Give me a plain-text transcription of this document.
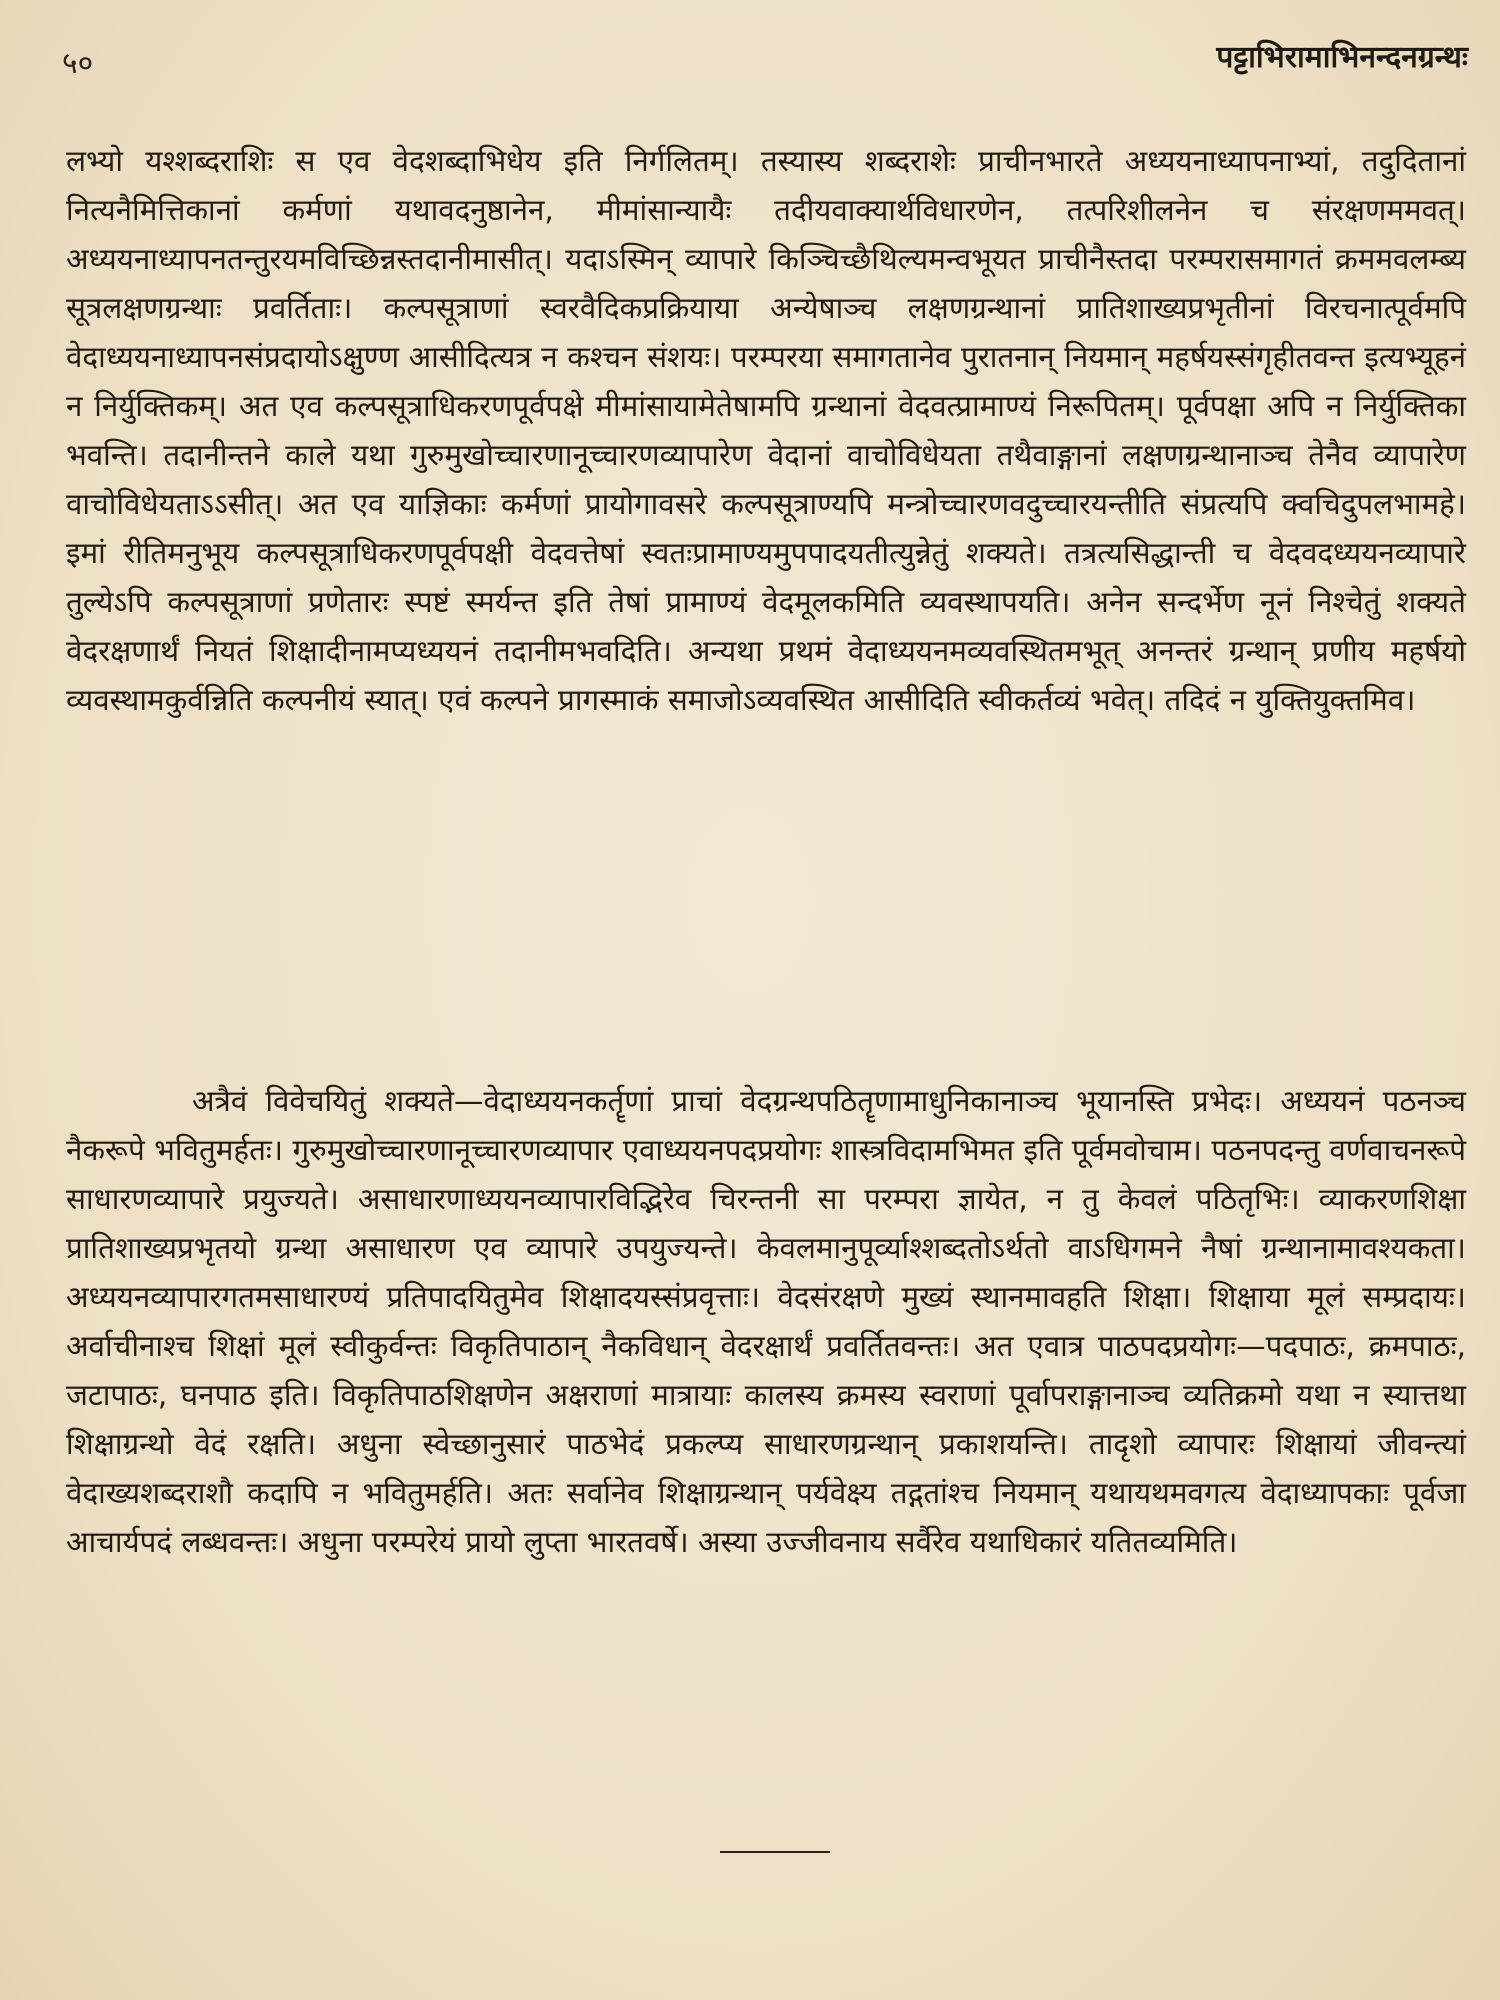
५०	पट्टाभिरामाभिनन्दनग्रन्थः

लभ्यो यश्शब्दराशिः स एव वेदशब्दाभिधेय इति निर्गलितम्। तस्यास्य शब्दराशेः प्राचीनभारते अध्ययनाध्यापनाभ्यां, तदुदितानां नित्यनैमित्तिकानां कर्मणां यथावदनुष्ठानेन, मीमांसान्यायैः तदीयवाक्यार्थविधारणेन, तत्परिशीलनेन च संरक्षणममवत्। अध्ययनाध्यापनतन्तुरयमविच्छिन्नस्तदानीमासीत्। यदाऽस्मिन् व्यापारे किञ्चिच्छैथिल्यमन्वभूयत प्राचीनैस्तदा परम्परासमागतं क्रममवलम्ब्य सूत्रलक्षणग्रन्थाः प्रवर्तिताः। कल्पसूत्राणां स्वरवैदिकप्रक्रियाया अन्येषाञ्च लक्षणग्रन्थानां प्रातिशाख्यप्रभृतीनां विरचनात्पूर्वमपि वेदाध्ययनाध्यापनसंप्रदायोऽक्षुण्ण आसीदित्यत्र न कश्चन संशयः। परम्परया समागतानेव पुरातनान् नियमान् महर्षयस्संगृहीतवन्त इत्यभ्यूहनं न निर्युक्तिकम्। अत एव कल्पसूत्राधिकरणपूर्वपक्षे मीमांसायामेतेषामपि ग्रन्थानां वेदवत्प्रामाण्यं निरूपितम्। पूर्वपक्षा अपि न निर्युक्तिका भवन्ति। तदानीन्तने काले यथा गुरुमुखोच्चारणानूच्चारणव्यापारेण वेदानां वाचोविधेयता तथैवाङ्गानां लक्षणग्रन्थानाञ्च तेनैव व्यापारेण वाचोविधेयताऽऽसीत्। अत एव याज्ञिकाः कर्मणां प्रायोगावसरे कल्पसूत्राण्यपि मन्त्रोच्चारणवदुच्चारयन्तीति संप्रत्यपि क्वचिदुपलभामहे। इमां रीतिमनुभूय कल्पसूत्राधिकरणपूर्वपक्षी वेदवत्तेषां स्वतःप्रामाण्यमुपपादयतीत्युन्नेतुं शक्यते। तत्रत्यसिद्धान्ती च वेदवदध्ययनव्यापारे तुल्येऽपि कल्पसूत्राणां प्रणेतारः स्पष्टं स्मर्यन्त इति तेषां प्रामाण्यं वेदमूलकमिति व्यवस्थापयति। अनेन सन्दर्भेण नूनं निश्चेतुं शक्यते वेदरक्षणार्थं नियतं शिक्षादीनामप्यध्ययनं तदानीमभवदिति। अन्यथा प्रथमं वेदाध्ययनमव्यवस्थितमभूत् अनन्तरं ग्रन्थान् प्रणीय महर्षयो व्यवस्थामकुर्वन्निति कल्पनीयं स्यात्। एवं कल्पने प्रागस्माकं समाजोऽव्यवस्थित आसीदिति स्वीकर्तव्यं भवेत्। तदिदं न युक्तियुक्तमिव।

अत्रैवं विवेचयितुं शक्यते—वेदाध्ययनकर्तॄणां प्राचां वेदग्रन्थपठितॄणामाधुनिकानाञ्च भूयानस्ति प्रभेदः। अध्ययनं पठनञ्च नैकरूपे भवितुमर्हतः। गुरुमुखोच्चारणानूच्चारणव्यापार एवाध्ययनपदप्रयोगः शास्त्रविदामभिमत इति पूर्वमवोचाम। पठनपदन्तु वर्णवाचनरूपे साधारणव्यापारे प्रयुज्यते। असाधारणाध्ययनव्यापारविद्भिरेव चिरन्तनी सा परम्परा ज्ञायेत, न तु केवलं पठितृभिः। व्याकरणशिक्षा प्रातिशाख्यप्रभृतयो ग्रन्था असाधारण एव व्यापारे उपयुज्यन्ते। केवलमानुपूर्व्याश्शब्दतोऽर्थतो वाऽधिगमने नैषां ग्रन्थानामावश्यकता। अध्ययनव्यापारगतमसाधारण्यं प्रतिपादयितुमेव शिक्षादयस्संप्रवृत्ताः। वेदसंरक्षणे मुख्यं स्थानमावहति शिक्षा। शिक्षाया मूलं सम्प्रदायः। अर्वाचीनाश्च शिक्षां मूलं स्वीकुर्वन्तः विकृतिपाठान् नैकविधान् वेदरक्षार्थं प्रवर्तितवन्तः। अत एवात्र पाठपदप्रयोगः—पदपाठः, क्रमपाठः, जटापाठः, घनपाठ इति। विकृतिपाठशिक्षणेन अक्षराणां मात्रायाः कालस्य क्रमस्य स्वराणां पूर्वापराङ्गानाञ्च व्यतिक्रमो यथा न स्यात्तथा शिक्षाग्रन्थो वेदं रक्षति। अधुना स्वेच्छानुसारं पाठभेदं प्रकल्प्य साधारणग्रन्थान् प्रकाशयन्ति। तादृशो व्यापारः शिक्षायां जीवन्त्यां वेदाख्यशब्दराशौ कदापि न भवितुमर्हति। अतः सर्वानेव शिक्षाग्रन्थान् पर्यवेक्ष्य तद्गतांश्च नियमान् यथायथमवगत्य वेदाध्यापकाः पूर्वजा आचार्यपदं लब्धवन्तः। अधुना परम्परेयं प्रायो लुप्ता भारतवर्षे। अस्या उज्जीवनाय सर्वैरेव यथाधिकारं यतितव्यमिति।
